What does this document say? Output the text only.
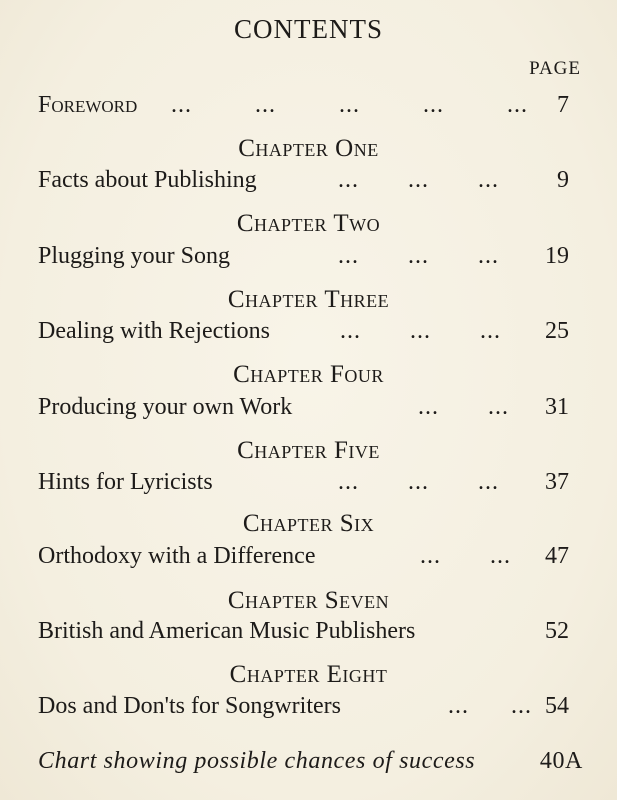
CONTENTS
PAGE
Foreword ...         ...         ...         ...         ... 7
Chapter One
Facts about Publishing	...       ...       ... 9
Chapter Two
Plugging your Song	...       ...       ... 19
Chapter Three
Dealing with Rejections	...       ...       ... 25
Chapter Four
Producing your own Work	...       ... 31
Chapter Five
Hints for Lyricists	...       ...       ... 37
Chapter Six
Orthodoxy with a Difference	...       ... 47
Chapter Seven
British and American Music Publishers	52
Chapter Eight
Dos and Don'ts for Songwriters	...      ... 54
Chart showing possible chances of success	40A
